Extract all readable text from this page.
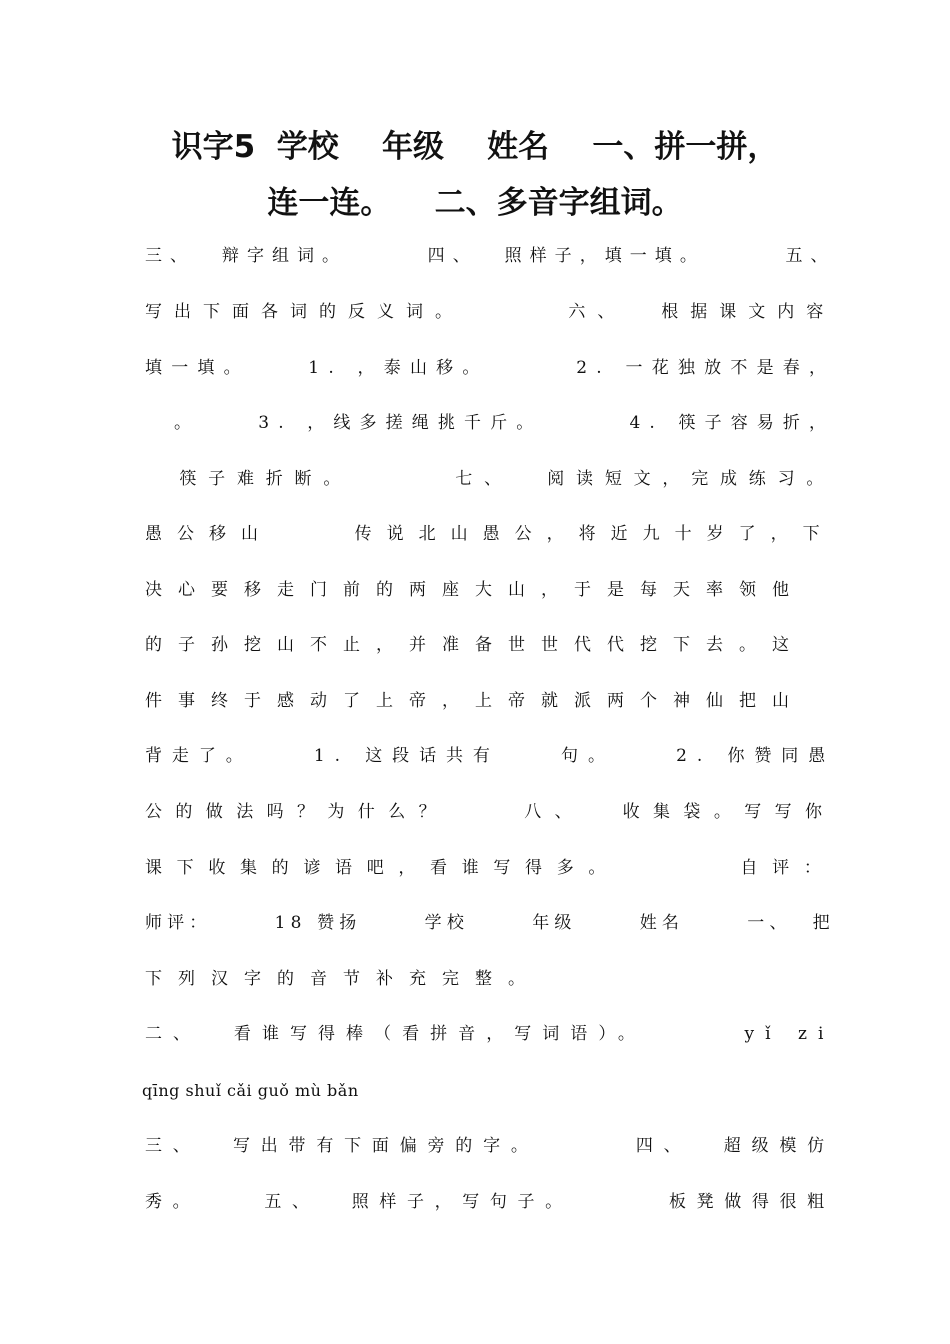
识字5  学校    年级    姓名    一、拼一拼，
连一连。    二、多音字组词。
三、  辩字组词。      四、  照样子，填一填。      五、
写出下面各词的反义词。      六、  根据课文内容
填一填。    1. ，泰山移。      2. 一花独放不是春，
。    3. ，线多搓绳挑千斤。      4. 筷子容易折，
筷子难折断。      七、  阅读短文，完成练习。
愚公移山    传说北山愚公，将近九十岁了，下
决心要移走门前的两座大山，于是每天率领他
的子孙挖山不止，并准备世世代代挖下去。这
件事终于感动了上帝，上帝就派两个神仙把山
背走了。    1. 这段话共有    句。    2. 你赞同愚
公的做法吗？为什么？    八、  收集袋。写写你
课下收集的谚语吧，看谁写得多。      自评：
师评：      18 赞扬      学校      年级      姓名      一、  把
下列汉字的音节补充完整。
二、  看谁写得棒（看拼音，写词语）。      yǐ zi
qīng shuǐ cǎi guǒ mù bǎn
三、  写出带有下面偏旁的字。      四、  超级模仿
秀。    五、  照样子，写句子。      板凳做得很粗
